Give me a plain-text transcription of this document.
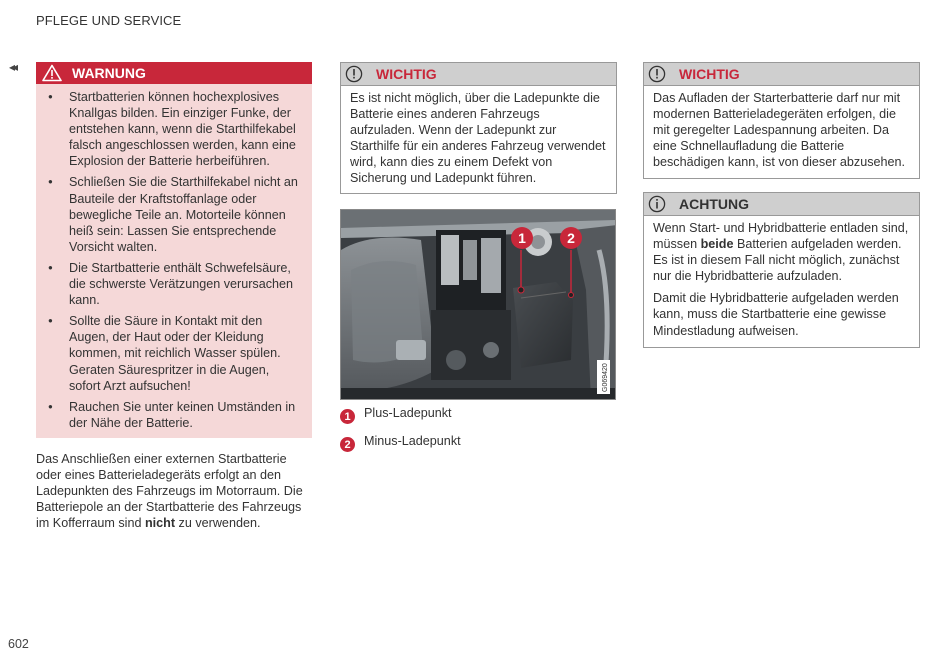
PFLEGE UND SERVICE
◂◂	WARNUNG
● Startbatterien können hochexplosives Knallgas bilden. Ein einziger Funke, der entstehen kann, wenn die Starthilfekabel falsch angeschlossen werden, kann eine Explosion der Batterie herbeiführen.
● Schließen Sie die Starthilfekabel nicht an Bauteile der Kraftstoffanlage oder bewegliche Teile an. Motorteile können heiß sein: Lassen Sie entsprechende Vorsicht walten.
● Die Startbatterie enthält Schwefelsäure, die schwerste Verätzungen verursachen kann.
● Sollte die Säure in Kontakt mit den Augen, der Haut oder der Kleidung kommen, mit reichlich Wasser spülen. Geraten Säurespritzer in die Augen, sofort Arzt aufsuchen!
● Rauchen Sie unter keinen Umständen in der Nähe der Batterie.
Das Anschließen einer externen Startbatterie oder eines Batterieladegeräts erfolgt an den Ladepunkten des Fahrzeugs im Motorraum. Die Batteriepole an der Startbatterie des Fahrzeugs im Kofferraum sind nicht zu verwenden.
WICHTIG
Es ist nicht möglich, über die Ladepunkte die Batterie eines anderen Fahrzeugs aufzuladen. Wenn der Ladepunkt zur Starthilfe für ein anderes Fahrzeug verwendet wird, kann dies zu einem Defekt von Sicherung und Ladepunkt führen.
1	2
G069420
1	Plus-Ladepunkt
2	Minus-Ladepunkt
WICHTIG
Das Aufladen der Starterbatterie darf nur mit modernen Batterieladegeräten erfolgen, die mit geregelter Ladespannung arbeiten. Da eine Schnellaufladung die Batterie beschädigen kann, ist von dieser abzusehen.
ACHTUNG
Wenn Start- und Hybridbatterie entladen sind, müssen beide Batterien aufgeladen werden. Es ist in diesem Fall nicht möglich, zunächst nur die Hybridbatterie aufzuladen.
Damit die Hybridbatterie aufgeladen werden kann, muss die Startbatterie eine gewisse Mindestladung aufweisen.
602
